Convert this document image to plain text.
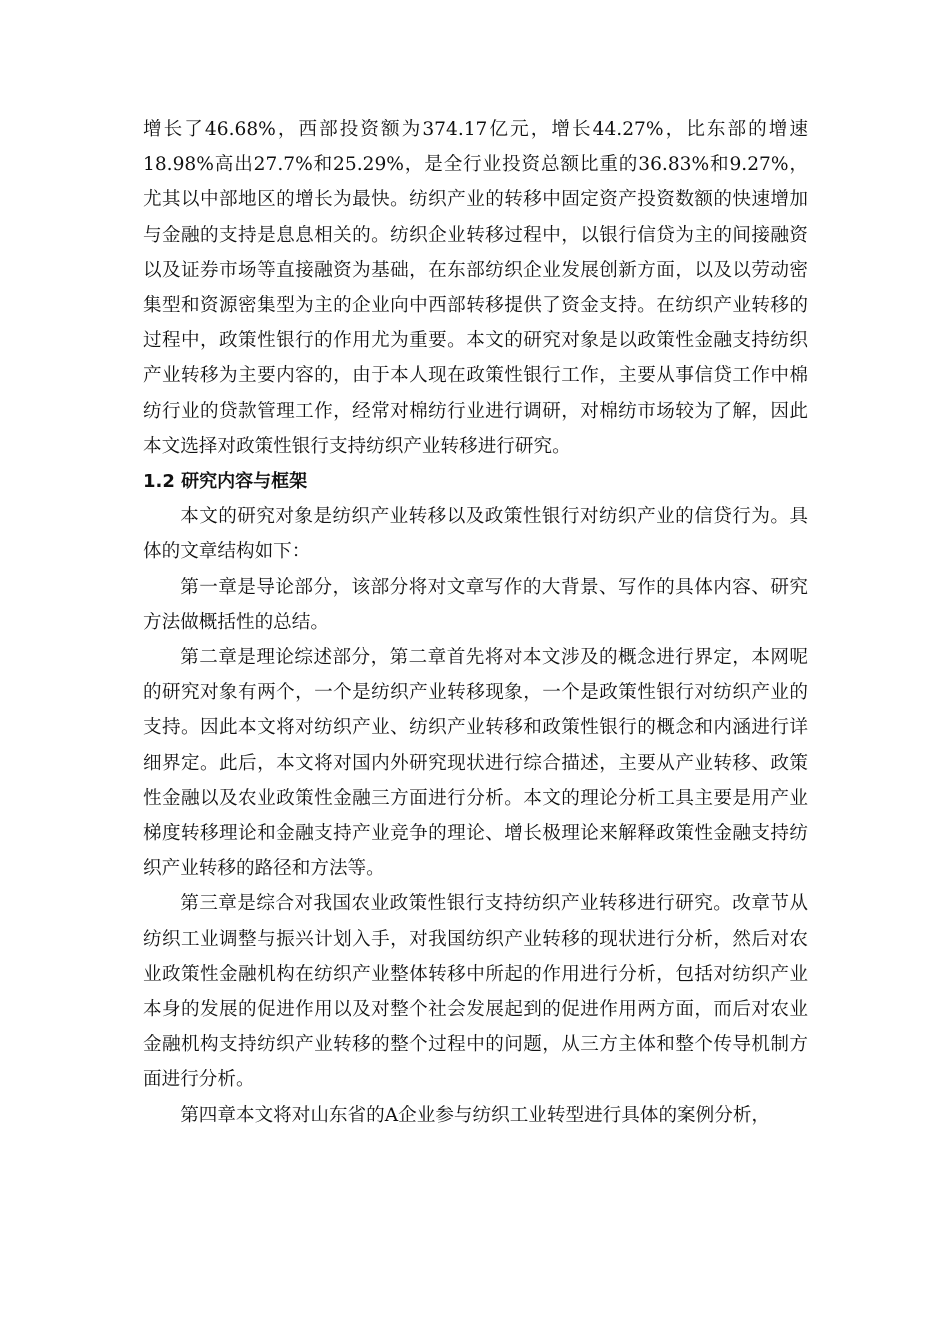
增长了46.68%，西部投资额为374.17亿元，增长44.27%，比东部的增速18.98%高出27.7%和25.29%，是全行业投资总额比重的36.83%和9.27%，尤其以中部地区的增长为最快。纺织产业的转移中固定资产投资数额的快速增加与金融的支持是息息相关的。纺织企业转移过程中，以银行信贷为主的间接融资以及证券市场等直接融资为基础，在东部纺织企业发展创新方面，以及以劳动密集型和资源密集型为主的企业向中西部转移提供了资金支持。在纺织产业转移的过程中，政策性银行的作用尤为重要。本文的研究对象是以政策性金融支持纺织产业转移为主要内容的，由于本人现在政策性银行工作，主要从事信贷工作中棉纺行业的贷款管理工作，经常对棉纺行业进行调研，对棉纺市场较为了解，因此本文选择对政策性银行支持纺织产业转移进行研究。

1.2 研究内容与框架

本文的研究对象是纺织产业转移以及政策性银行对纺织产业的信贷行为。具体的文章结构如下：

第一章是导论部分，该部分将对文章写作的大背景、写作的具体内容、研究方法做概括性的总结。

第二章是理论综述部分，第二章首先将对本文涉及的概念进行界定，本网呢的研究对象有两个，一个是纺织产业转移现象，一个是政策性银行对纺织产业的 支持。因此本文将对纺织产业、纺织产业转移和政策性银行的概念和内涵进行详细界定。此后，本文将对国内外研究现状进行综合描述，主要从产业转移、政策性金融以及农业政策性金融三方面进行分析。本文的理论分析工具主要是用产业梯度转移理论和金融支持产业竞争的理论、增长极理论来解释政策性金融支持纺织产业转移的路径和方法等。

第三章是综合对我国农业政策性银行支持纺织产业转移进行研究。改章节从纺织工业调整与振兴计划入手，对我国纺织产业转移的现状进行分析，然后对农业政策性金融机构在纺织产业整体转移中所起的作用进行分析，包括对纺织产业本身的发展的促进作用以及对整个社会发展起到的促进作用两方面，而后对农业金融机构支持纺织产业转移的整个过程中的问题，从三方主体和整个传导机制方面进行分析。

第四章本文将对山东省的A企业参与纺织工业转型进行具体的案例分析，
